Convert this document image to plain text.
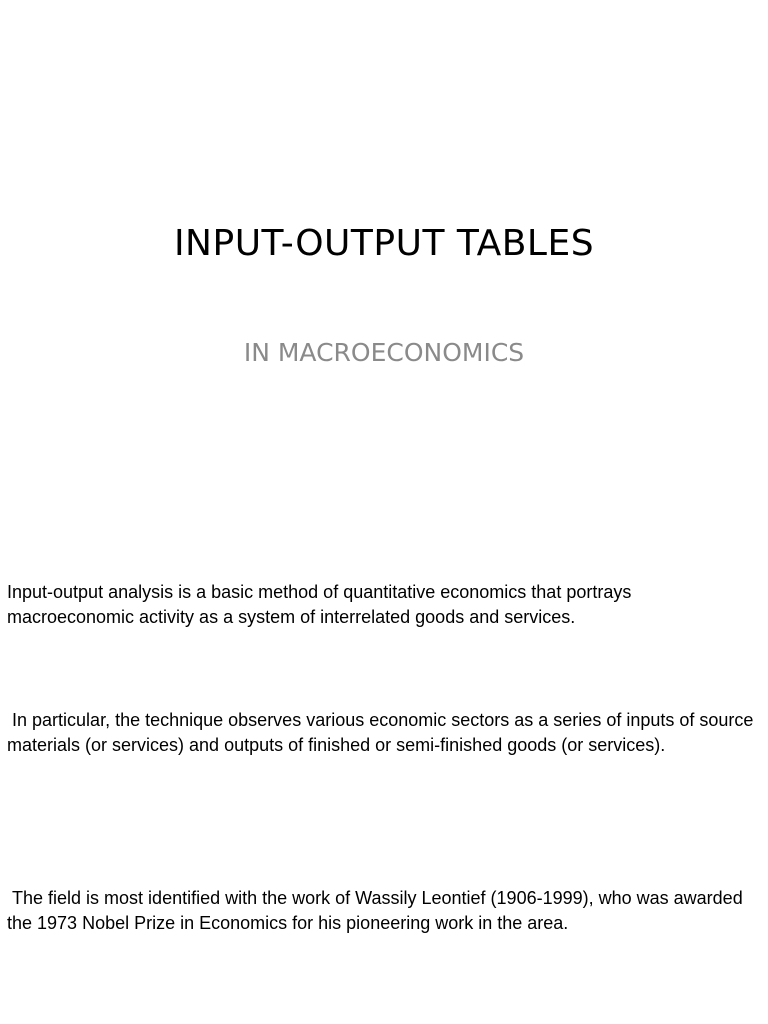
INPUT-OUTPUT TABLES
IN MACROECONOMICS

Input-output analysis is a basic method of quantitative economics that portrays macroeconomic activity as a system of interrelated goods and services.

In particular, the technique observes various economic sectors as a series of inputs of source materials (or services) and outputs of finished or semi-finished goods (or services).

The field is most identified with the work of Wassily Leontief (1906-1999), who was awarded the 1973 Nobel Prize in Economics for his pioneering work in the area.
